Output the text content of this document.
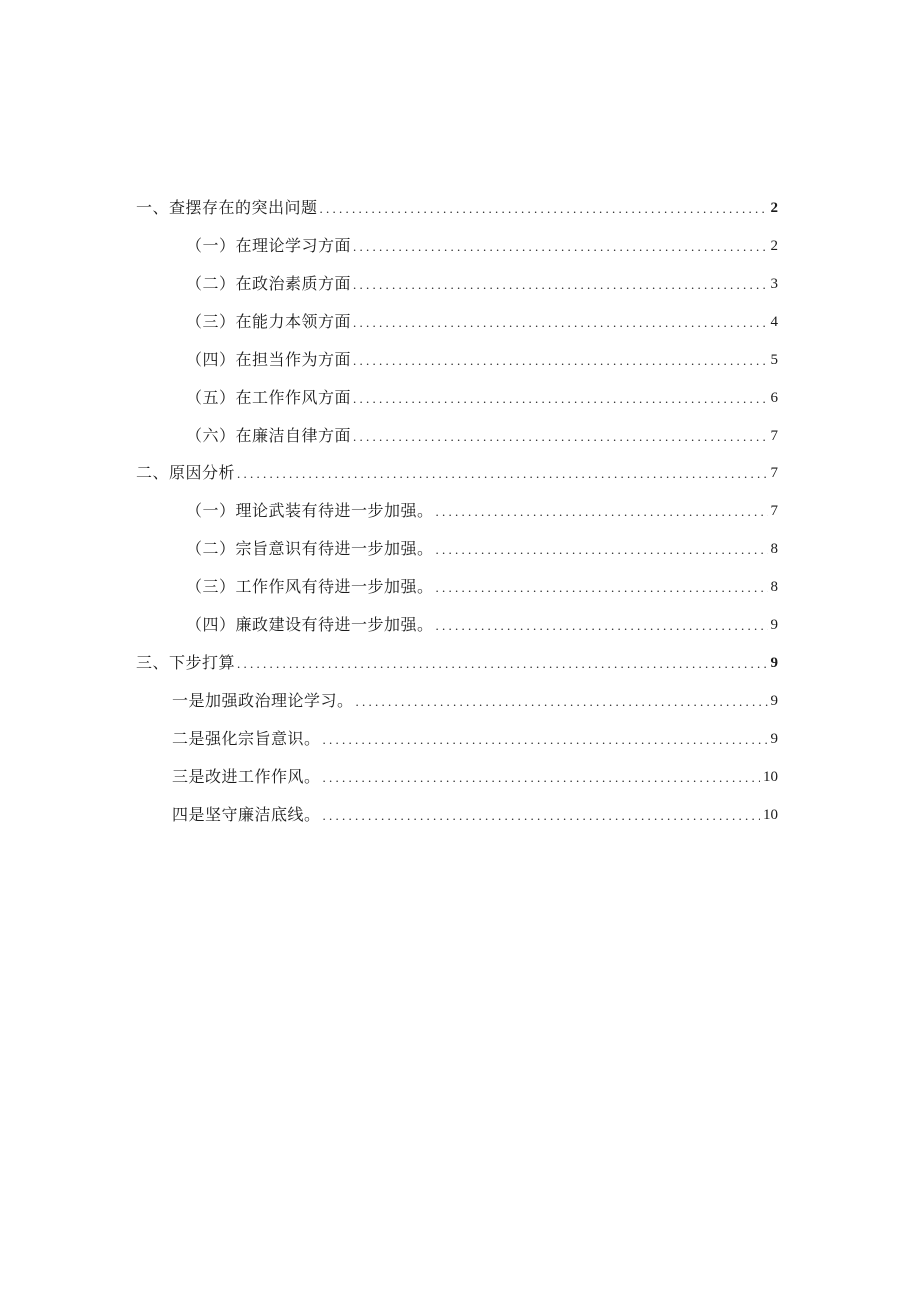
一、查摆存在的突出问题 . . .	2
（一）在理论学习方面 . . .	2
（二）在政治素质方面 . . .	3
（三）在能力本领方面 . . .	4
（四）在担当作为方面 . . .	5
（五）在工作作风方面 . . .	6
（六）在廉洁自律方面 . . .	7
二、原因分析 . . .	7
（一）理论武装有待进一步加强。 . . .	7
（二）宗旨意识有待进一步加强。 . . .	8
（三）工作作风有待进一步加强。 . . .	8
（四）廉政建设有待进一步加强。 . . .	9
三、下步打算 . . .	9
一是加强政治理论学习。 . . .	9
二是强化宗旨意识。 . . .	9
三是改进工作作风。 . . .	10
四是坚守廉洁底线。 . . .	10
